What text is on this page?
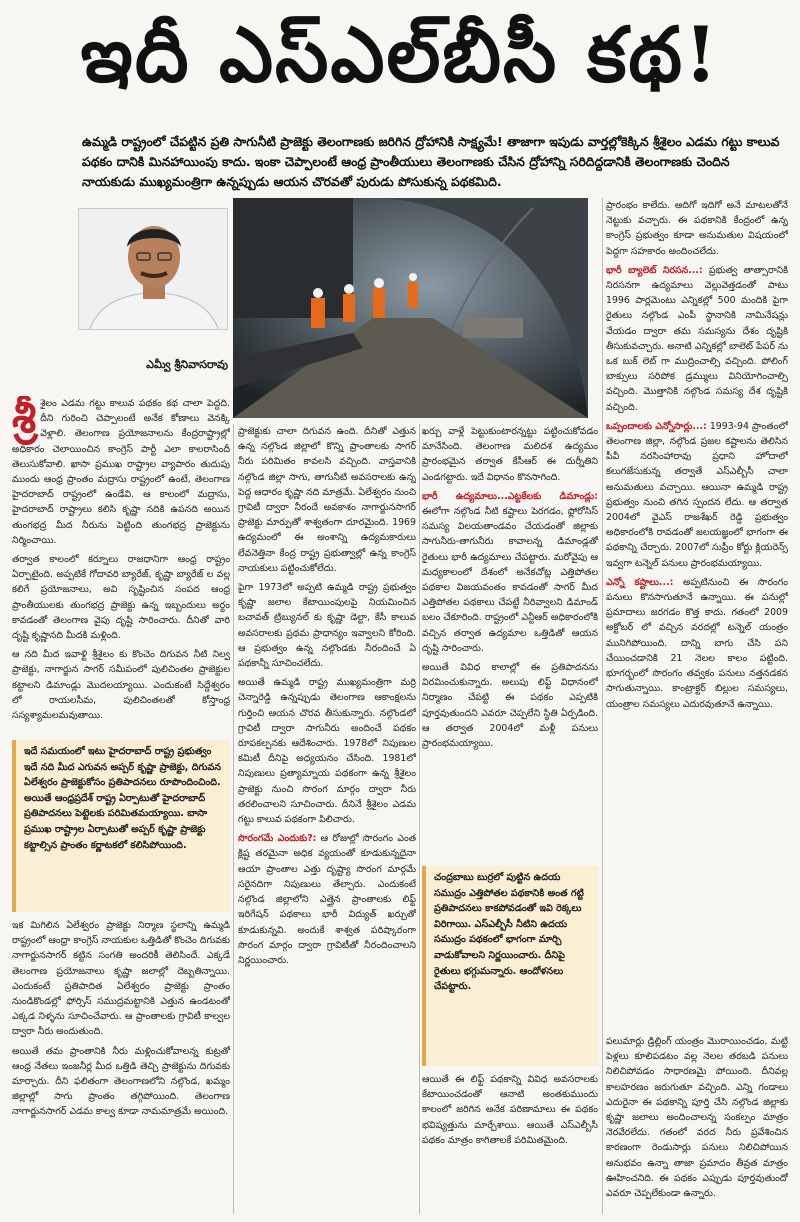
ఇదీ ఎస్‌ఎల్‌బీసీ కథ!
ఉమ్మడి రాష్ట్రంలో చేపట్టిన ప్రతి సాగునీటి ప్రాజెక్టు తెలంగాణకు జరిగిన ద్రోహానికి సాక్ష్యమే! తాజాగా ఇపుడు వార్తల్లోకెక్కిన శ్రీశైలం ఎడమ గట్టు కాలువ పథకం దానికి మినహాయింపు కాదు. ఇంకా చెప్పాలంటే ఆంధ్ర ప్రాంతీయులు తెలంగాణకు చేసిన ద్రోహాన్ని సరిదిద్దడానికి తెలంగాణకు చెందిన నాయకుడు ముఖ్యమంత్రిగా ఉన్నప్పుడు ఆయన చొరవతో పురుడు పోసుకున్న పథకమిది.
ఎమ్వీ శ్రీనివాసరావు
శ్రీ శైలం ఎడమ గట్టు కాలువ పథకం కథ చాలా పెద్దది. దీని గురించి చెప్పాలంటే అనేక కోణాలు వెనక్కి వెళ్లాలి. తెలంగాణ ప్రయోజనాలను కేంద్రరాష్ట్రాల్లో అధికారం చెలాయించిన కాంగ్రెస్ పార్టీ ఎలా కాలరాసిందీ తెలుసుకోవాలి. ఖాసా ప్రముఖ రాష్ట్రాల వ్యాపారం తుదుపు ముందు ఆంధ్ర ప్రాంతం మద్రాసు రాష్ట్రంలో ఉంటే, తెలంగాణ హైదరాబాద్ రాష్ట్రంలో ఉండేవి. ఆ కాలంలో మద్రాసు, హైదరాబాద్ రాష్ట్రాలు కలిసి కృష్ణా నదికి ఉపనది అయిన తుంగభద్ర మీద నీరును పెట్టింది తుంగభద్ర ప్రాజెక్టును నిర్మించాయి.

తర్వాత కాలంలో కర్నూలు రాజధానిగా ఆంధ్ర రాష్ట్రం ఏర్పాటైంది. అప్పటికే గోదావరి బ్యారేజ్, కృష్ణా బ్యారేజ్ ల వల్ల కలిగే ప్రయోజనాలు, అవి సృష్టించిన సంపద ఆంధ్ర ప్రాంతీయులకు తుంగభద్ర ప్రాజెక్టు ఉన్న ఇబ్బందులు అర్థం కావడంతో తెలంగాణ వైపు దృష్టి సారించారు. దీనితో వారి దృష్టి కృష్ణానది మీదకి మళ్లింది.

ఆ నది మీద ఇవాళ్టి శ్రీశైలం కు కొంచెం దిగువన నీటి నిల్వ ప్రాజెక్టు, నాగార్జున సాగర్ సమీపంలో పులిచింతల ప్రాజెక్టుల కట్టాలని డిమాండ్లు మొదలయ్యాయి. ఎందుకంటే సిద్దేశ్వరం లో రాయలసీమ, పులిచింతలతో కోస్తాంధ్ర సస్యశ్యామలమవుతాయి.

ఇదే సమయంలో ఇటు హైదరాబాద్ రాష్ట్ర ప్రభుత్వం ఇదే నది మీద ఎగువన అప్పర్ కృష్ణా ప్రాజెక్టు, దిగువన ఏలేశ్వరం ప్రాజెక్టుకోసం ప్రతిపాదనలు రూపొందించింది. అయితే ఆంధ్రప్రదేశ్ రాష్ట్ర ఏర్పాటుతో హైదరాబాద్ ప్రతిపాదనలు పెట్టెలకు పరిమితమయ్యాయి. బాసా ప్రముఖ రాష్ట్రాల ఏర్పాటుతో అప్పర్ కృష్ణా ప్రాజెక్టు కట్టాల్సిన ప్రాంతం కర్ణాటకలో కలిసిపోయింది.

ఇక మిగిలిన ఏలేశ్వరం ప్రాజెక్టు నిర్మాణ స్థలాన్ని ఉమ్మడి రాష్ట్రంలో ఆంధ్రా కాంగ్రెస్ నాయకుల ఒత్తిడితో కొంచెం దిగువకు నాగార్జునసాగర్ కట్టిన సంగతి అందరికీ తెలిసిందే. ఎక్కడే తెలంగాణ ప్రయోజనాలు కృష్ణా జలాల్లో దెబ్బతిన్నాయి. ఎందుకంటే ప్రతిపాదిత ఏలేశ్వరం ప్రాజెక్టు ప్రాంతం నుండికొండల్లో ఫోర్సిస్ సముద్రమట్టానికి ఎత్తున ఉండటంతో ఎక్కడ నిళ్ళను సూచించేవారు. ఆ ప్రాంతాలకు గ్రావిటీ కాల్వల ద్వారా నీరు అందుతుంది.

అయితే తమ ప్రాంతానికి నీరు మళ్లించుకోవాలన్న కుట్రతో ఆంధ్ర నేతలు ఇంజనీర్ల మీద ఒత్తిడి తెచ్చి ప్రాజెక్టును దిగువకు మార్చారు. దీని ఫలితంగా తెలంగాణలోని నల్గొండ, ఖమ్మం జిల్లాల్లో సాగు ప్రాంతం తగ్గిపోయింది. తెలంగాణ నాగార్జునసాగర్ ఎడమ కాల్వ కూడా నామమాత్రమే అయింది.

ప్రాజెక్టుకు చాలా దిగువన ఉంది. దీనితో ఎత్తున ఉన్న నల్గొండ జిల్లాలో కొన్ని ప్రాంతాలకు సాగర్ నీరు పరిమితం కావలసి వచ్చింది. వాస్తవానికి నల్గొండ జిల్లా సాగు, తాగునీటి అవసరాలకు ఉన్న పెద్ద ఆధారం కృష్ణా నది మాత్రమే. ఏలేశ్వరం నుంచి గ్రావిటీ ద్వారా నీరందే అవకాశం నాగార్జునసాగర్ ప్రాజెక్టు మార్పుతో శాశ్వతంగా దూరమైంది. 1969 ఉద్యమంలో ఈ అంశాన్ని ఉద్యమకారులు లేవనెత్తినా కేంద్ర రాష్ట్ర ప్రభుత్వాల్లో ఉన్న కాంగ్రెస్ నాయకులు పట్టించుకోలేదు.

పైగా 1973లో అప్పటి ఉమ్మడి రాష్ట్ర ప్రభుత్వం కృష్ణా జలాల కేటాయింపులపై నియమించిన బచావత్ ట్రిబ్యునల్ కు కృష్ణా డెల్టా, కేసీ కాలువ అవసరాలకు ప్రథమ ప్రాధాన్యం ఇవ్వాలని కోరింది. ఆ ప్రభుత్వం ఉన్న నల్గొండకు నీరందించే ఏ పథకాన్నీ సూచించలేదు.

అయితే ఉమ్మడి రాష్ట్ర ముఖ్యమంత్రిగా మర్రి చెన్నారెడ్డి ఉన్నప్పుడు తెలంగాణ ఆకాంక్షలను గుర్తించి ఆయన చొరవ తీసుకున్నారు. నల్గొండలో గ్రావిటీ ద్వారా సాగునీరు అందించే పథకం రూపకల్పనకు ఆదేశించారు. 1978లో నిపుణుల కమిటీ దీనిపై అధ్యయనం చేసింది. 1981లో నిపుణులు ప్రత్యామ్నాయ పథకంగా ఉన్న శ్రీశైలం ప్రాజెక్టు నుంచి సొరంగ మార్గం ద్వారా నీరు తరలించాలని సూచించారు. దీనినే శ్రీశైలం ఎడమ గట్టు కాలువ పథకంగా పిలిచారు.

సొరంగమే ఎందుకు?: ఆ రోజుల్లో సొరంగం ఎంత క్లిష్ట తరమైనా అధిక వ్యయంతో కూడుకున్నదైనా ఆయా ప్రాంతాల ఎత్తు దృష్ట్యా సొరంగ మార్గమే సరైనదిగా నిపుణులు తేల్చారు. ఎందుకంటే నల్గొండ జిల్లాలోని ఎత్తైన ప్రాంతాలకు లిఫ్ట్ ఇరిగేషన్ పథకాలు భారీ విద్యుత్ ఖర్చుతో కూడుకున్నవి. అందుకే శాశ్వత పరిష్కారంగా సొరంగ మార్గం ద్వారా గ్రావిటీతో నీరందించాలని నిర్ణయించారు.

ఖర్చు వాళ్లే పెట్టుకుంటారన్నట్టు పట్టించుకోవడం మానేసింది. తెలంగాణ మలిదశ ఉద్యమం ప్రారంభమైన తర్వాత కేసీఆర్ ఈ దుర్నీతిని ఎండగట్టారు. ఇదే విధానం కొనసాగింది.

భారీ ఉద్యమాలు...ఎట్టకేలకు డిమాండ్లు: ఈలోగా నల్గొండ నీటి కష్టాలు పెరగడం, ఫ్లోరోసిస్ సమస్య విలయతాండవం చేయడంతో జిల్లాకు సాగునీరు-తాగునీరు కావాలన్న డిమాండ్లతో రైతులు భారీ ఉద్యమాలు చేపట్టారు. మరోవైపు ఆ మధ్యకాలంలో దేశంలో అనేకచోట్ల ఎత్తిపోతల పథకాల విజయవంతం కావడంతో సాగర్ మీద ఎత్తిపోతల పథకాలు చేపట్టే నీరివ్వాలని డిమాండ్ బలం చేకూరింది. రాష్ట్రంలో ఎన్టీఆర్ అధికారంలోకి వచ్చిన తర్వాత ఉద్యమాల ఒత్తిడితో ఆయన దృష్టి సారించారు.

అయితే వివిధ కాలాల్లో ఈ ప్రతిపాదనను విరమించుకున్నారు. అలుపు లిఫ్ట్ విధానంలో నిర్మాణం చేపట్టి ఈ పథకం ఎప్పటికి పూర్తవుతుందని ఎవరూ చెప్పలేని స్థితి ఏర్పడింది. ఆ తర్వాత 2004లో మళ్లీ పనులు ప్రారంభమయ్యాయి.

చంద్రబాబు బుర్రలో పుట్టిన ఉదయ సముద్రం ఎత్తిపోతల పథకానికి అంత గట్టి ప్రతిపాదనలు కాకపోవడంతో ఇవి రెక్కలు విరిగాయి. ఎస్ఎల్బీసీ నీటిని ఉదయ సముద్రం పథకంలో భాగంగా మార్చి వాడుకోవాలని నిర్ణయించారు. దీనిపై రైతులు భగ్గుమన్నారు. ఆందోళనలు చేపట్టారు.

ఆయితే ఈ లిఫ్ట్ పథకాన్ని వివిధ అవసరాలకు కేటాయించడంతో ఆనాటి అంతకుముందు కాలంలో జరిగిన అనేక పరిణామాలు ఈ పథకం భవిష్యత్తును మార్చేశాయి. ఆయితే ఎస్ఎల్బీసీ పథకం మాత్రం కాగితాలకే పరిమితమైంది.

ప్రారంభం కాలేదు. అదిగో ఇదిగో అనే మాటలతోనే నెట్టుకు వచ్చారు. ఈ పథకానికి కేంద్రంలో ఉన్న కాంగ్రెస్ ప్రభుత్వం కూడా అనుమతుల విషయంలో పెద్దగా సహకారం అందించలేదు.

భారీ బ్యాలెట్ నిరసన...: ప్రభుత్వ తాత్సారానికి నిరసనగా ఉద్యమాలు వెల్లువెత్తడంతో పాటు 1996 పార్లమెంటు ఎన్నికల్లో 500 మందికి పైగా రైతులు నల్గొండ ఎంపీ స్థానానికి నామినేషన్లు వేయడం ద్వారా తమ సమస్యను దేశం దృష్టికి తీసుకువచ్చారు. అనాటి ఎన్నికల్లో బాలెట్ పేపర్ ను ఒక బుక్ లెట్ గా ముద్రించాల్సి వచ్చింది. పోలింగ్ బాక్సులు సరిపోక డ్రమ్ములు వినియోగించాల్సి వచ్చింది. మొత్తానికి నల్గొండ సమస్య దేశ దృష్టికి వచ్చింది.

ఒప్పందాలకు ఎన్నోసార్లు...: 1993-94 ప్రాంతంలో తెలంగాణ జిల్లా, నల్గొండ ప్రజల కష్టాలను తెలిసిన పీవీ నరసింహారావు ప్రధాని హోదాలో కలుగజేసుకున్న తర్వాతే ఎస్ఎల్బీసీ చాలా అనుమతులు వచ్చాయి. ఆయినా ఉమ్మడి రాష్ట్ర ప్రభుత్వం నుంచి తగిన స్పందన లేదు. ఆ తర్వాత 2004లో వైఎస్ రాజశేఖర్ రెడ్డి ప్రభుత్వం అధికారంలోకి రావడంతో జలయజ్ఞంలో భాగంగా ఈ పథకాన్ని చేర్చారు. 2007లో సుప్రీం కోర్టు క్లియరెన్స్ ఇవ్వగా టన్నెల్ పనులు ప్రారంభమయ్యాయి.

ఎన్నో కష్టాలు...: అప్పటినుంచి ఈ సొరంగం పనులు కొనసాగుతూనే ఉన్నాయి. ఈ పనుల్లో ప్రమాదాలు జరగడం కొత్త కాదు. గతంలో 2009 అక్టోబర్ లో వచ్చిన వరదల్లో టన్నెల్ యంత్రం మునిగిపోయింది. దాన్ని బాగు చేసి పని చేయించడానికి 21 నెలల కాలం పట్టింది. భూగర్భంలో సొరంగం తవ్వకం పనులు నత్తనడకన సాగుతున్నాయి. కాంట్రాక్టర్ బిల్లుల సమస్యలు, యంత్రాల సమస్యలు ఎదురవుతూనే ఉన్నాయి.

పలుమార్లు డ్రిల్లింగ్ యంత్రం మొరాయించడం, మట్టి పెళ్లలు కూలిపడటం వల్ల నెలల తరబడి పనులు నిలిచిపోవడం సాధారణమై పోయింది. దీనివల్ల కాలహరణం జరుగుతూ వచ్చింది. ఎన్ని గండాలు ఎదురైనా ఈ పథకాన్ని పూర్తి చేసి నల్గొండ జిల్లాకు కృష్ణా జలాలు అందించాలన్న సంకల్పం మాత్రం నెరవేరలేదు. గతంలో వరద నీరు ప్రవేశించిన కారణంగా రెండుసార్లు పనులు నిలిచిపోయిన అనుభవం ఉన్నా తాజా ప్రమాదం తీవ్రత మాత్రం ఊహించనిది. ఈ పథకం ఎప్పుడు పూర్తవుతుందో ఎవరూ చెప్పలేకుండా ఉన్నారు.
